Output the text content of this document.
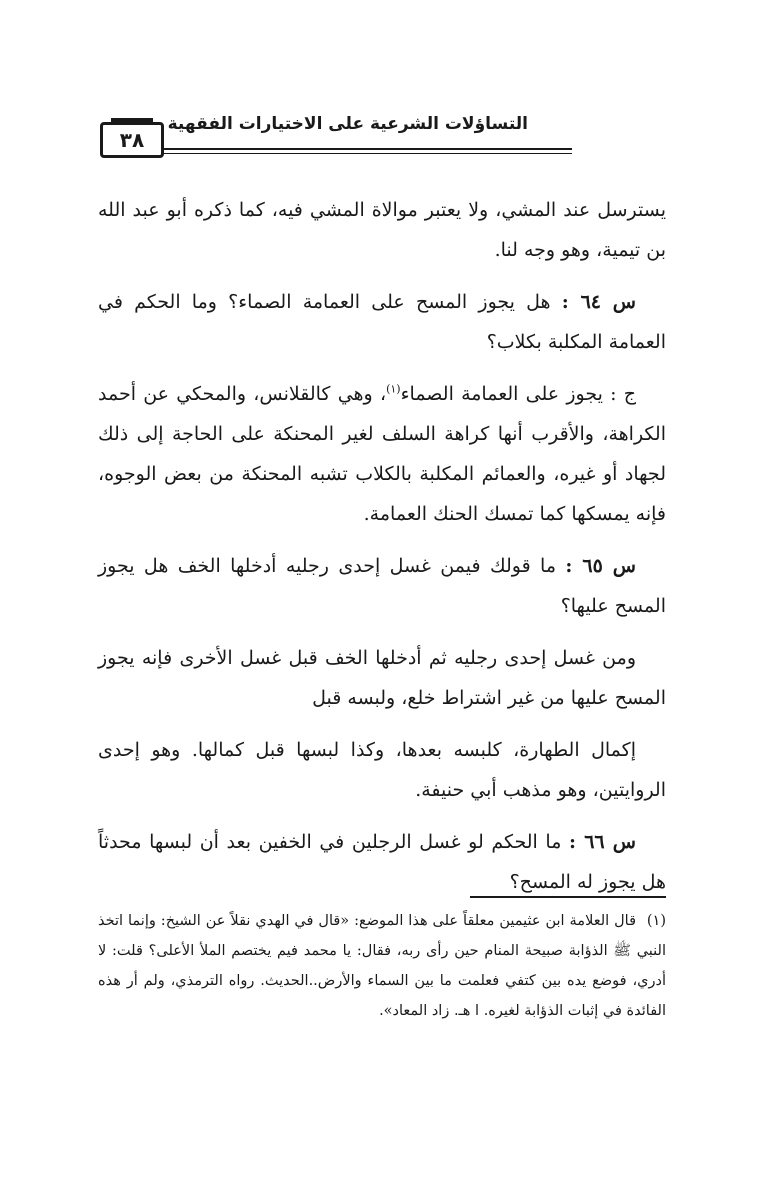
التساؤلات الشرعية على الاختيارات الفقهية
٣٨

يسترسل عند المشي، ولا يعتبر موالاة المشي فيه، كما ذكره أبو عبد الله بن تيمية، وهو وجه لنا.

س ٦٤ : هل يجوز المسح على العمامة الصماء؟ وما الحكم في العمامة المكلبة بكلاب؟

ج : يجوز على العمامة الصماء$^{(١)}$، وهي كالقلانس، والمحكي عن أحمد الكراهة، والأقرب أنها كراهة السلف لغير المحنكة على الحاجة إلى ذلك لجهاد أو غيره، والعمائم المكلبة بالكلاب تشبه المحنكة من بعض الوجوه، فإنه يمسكها كما تمسك الحنك العمامة.

س ٦٥ : ما قولك فيمن غسل إحدى رجليه أدخلها الخف هل يجوز المسح عليها؟

ومن غسل إحدى رجليه ثم أدخلها الخف قبل غسل الأخرى فإنه يجوز المسح عليها من غير اشتراط خلع، ولبسه قبل

إكمال الطهارة، كلبسه بعدها، وكذا لبسها قبل كمالها. وهو إحدى الروايتين، وهو مذهب أبي حنيفة.

س ٦٦ : ما الحكم لو غسل الرجلين في الخفين بعد أن لبسها محدثاً هل يجوز له المسح؟

(١)قال العلامة ابن عثيمين معلقاً على هذا الموضع: «قال في الهدي نقلاً عن الشيخ: وإنما اتخذ النبي ﷺ الذؤابة صبيحة المنام حين رأى ربه، فقال: يا محمد فيم يختصم الملأ الأعلى؟ قلت: لا أدري، فوضع يده بين كتفي فعلمت ما بين السماء والأرض..الحديث. رواه الترمذي، ولم أر هذه الفائدة في إثبات الذؤابة لغيره. ا هـ. زاد المعاد».
